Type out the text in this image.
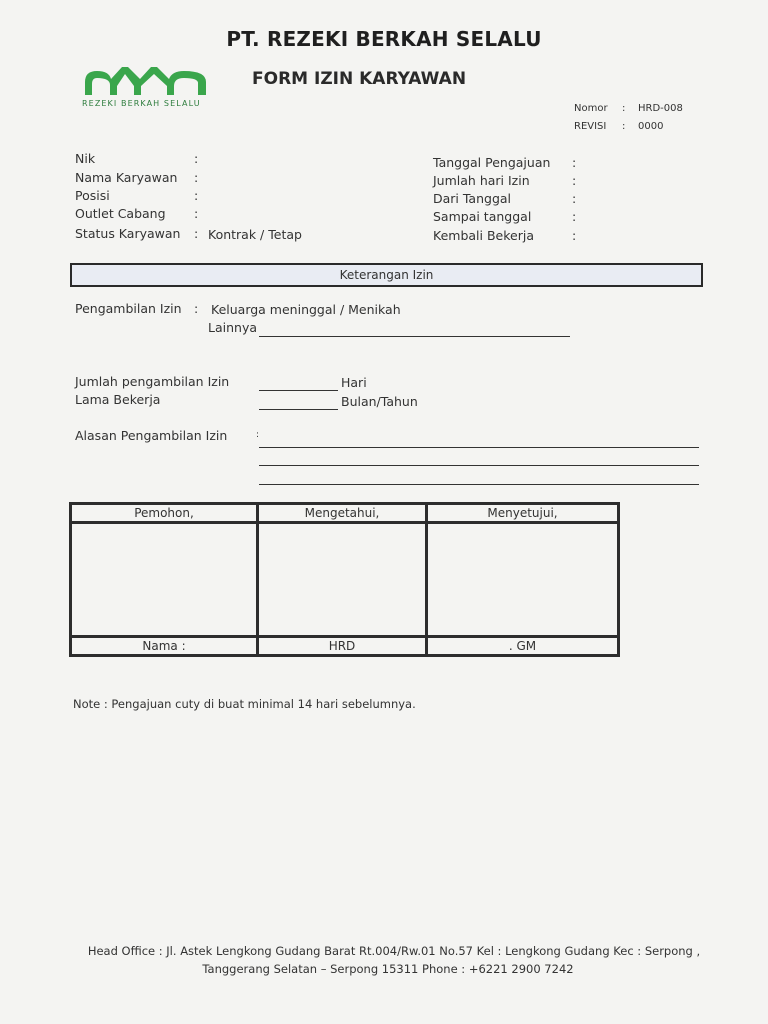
PT. REZEKI BERKAH SELALU
REZEKI BERKAH SELALU
FORM IZIN KARYAWAN
Nomor : HRD-008
REVISI : 0000
Nik	:
Nama Karyawan :
Posisi	:
Outlet Cabang :
Status Karyawan : Kontrak / Tetap
Tanggal Pengajuan :
Jumlah hari Izin	:
Dari Tanggal	:
Sampai tanggal	:
Kembali Bekerja	:
Keterangan Izin
Pengambilan Izin : Keluarga meninggal / Menikah
Lainnya
Jumlah pengambilan Izin	Hari
Lama Bekerja	Bulan/Tahun
Alasan Pengambilan Izin	:
Pemohon,	Mengetahui,	Menyetujui,

Nama :	HRD	. GM
Note : Pengajuan cuty di buat minimal 14 hari sebelumnya.
Head Office : Jl. Astek Lengkong Gudang Barat Rt.004/Rw.01 No.57 Kel : Lengkong Gudang Kec : Serpong ,
Tanggerang Selatan – Serpong 15311 Phone : +6221 2900 7242
